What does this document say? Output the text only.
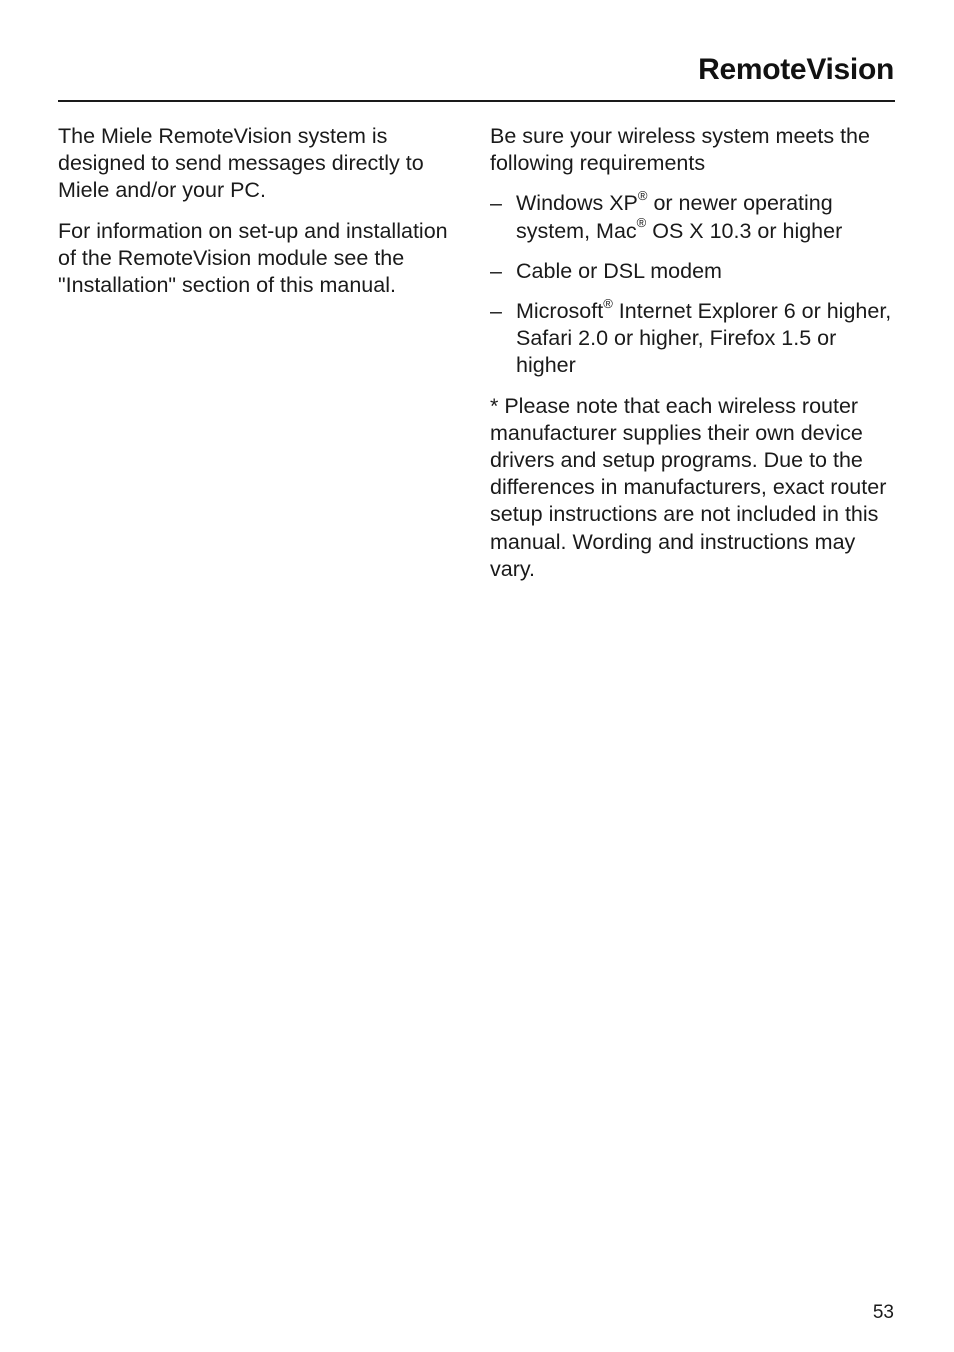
RemoteVision

The Miele RemoteVision system is designed to send messages directly to Miele and/or your PC.

For information on set-up and installation of the RemoteVision module see the "Installation" section of this manual.

Be sure your wireless system meets the following requirements

– Windows XP® or newer operating system, Mac® OS X 10.3 or higher
– Cable or DSL modem
– Microsoft® Internet Explorer 6 or higher, Safari 2.0 or higher, Firefox 1.5 or higher

* Please note that each wireless router manufacturer supplies their own device drivers and setup programs. Due to the differences in manufacturers, exact router setup instructions are not included in this manual. Wording and instructions may vary.

53
